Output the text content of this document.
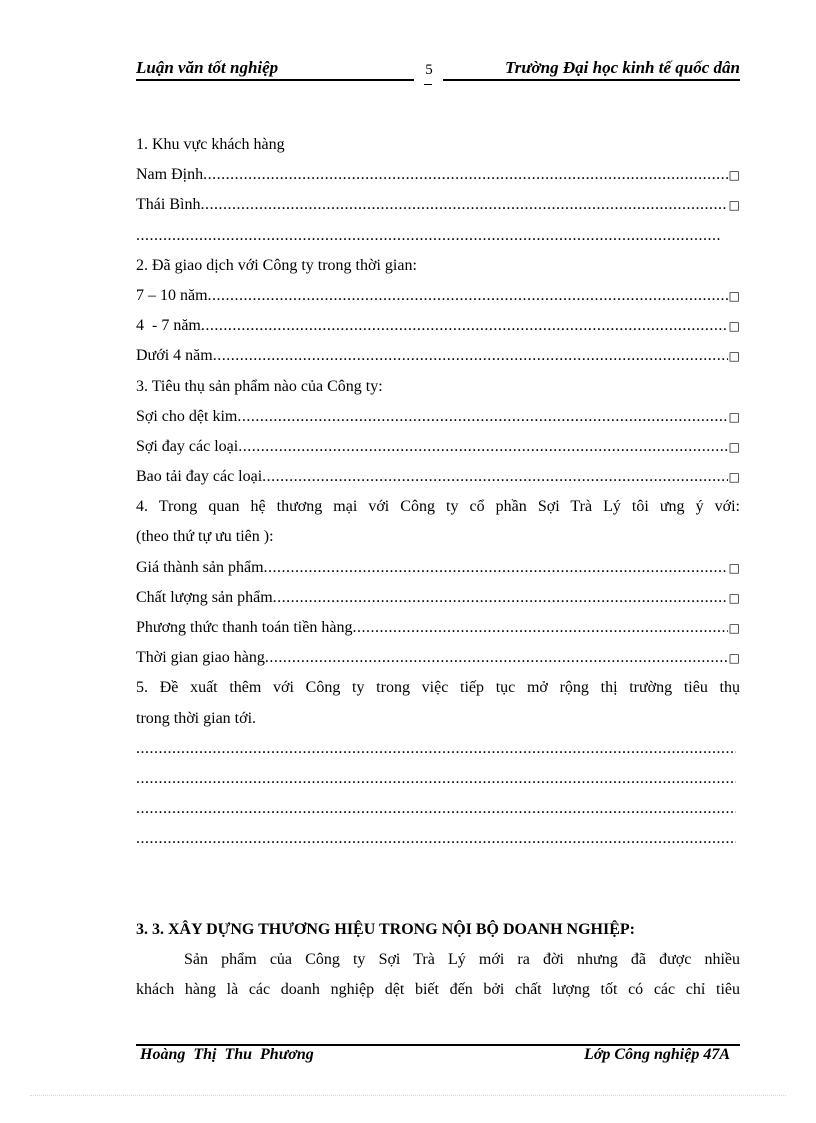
Luận văn tốt nghiệp	5	Trường Đại học kinh tế quốc dân
1. Khu vực khách hàng
Nam Định .....	□
Thái Bình .....	□
.....
2. Đã giao dịch với Công ty trong thời gian:
7 – 10 năm .....	□
4  - 7 năm .....	□
Dưới 4 năm .....	□
3. Tiêu thụ sản phẩm nào của Công ty:
Sợi cho dệt kim .....	□
Sợi đay các loại .....	□
Bao tải đay các loại .....	□
4. Trong quan hệ thương mại với Công ty cổ phần Sợi Trà Lý tôi ưng ý với:
(theo thứ tự ưu tiên ):
Giá thành sản phẩm .....	□
Chất lượng sản phẩm .....	□
Phương thức thanh toán tiền hàng .....	□
Thời gian giao hàng .....	□
5. Đề xuất thêm với Công ty trong việc tiếp tục mở rộng thị trường tiêu thụ
trong thời gian tới.
.....
.....
.....
.....
3. 3. XÂY DỰNG THƯƠNG HIỆU TRONG NỘI BỘ DOANH NGHIỆP:
Sản phẩm của Công ty Sợi Trà Lý mới ra đời nhưng đã được nhiều
khách hàng là các doanh nghiệp dệt biết đến bởi chất lượng tốt có các chỉ tiêu
Hoàng  Thị  Thu  Phương	Lớp Công nghiệp 47A
